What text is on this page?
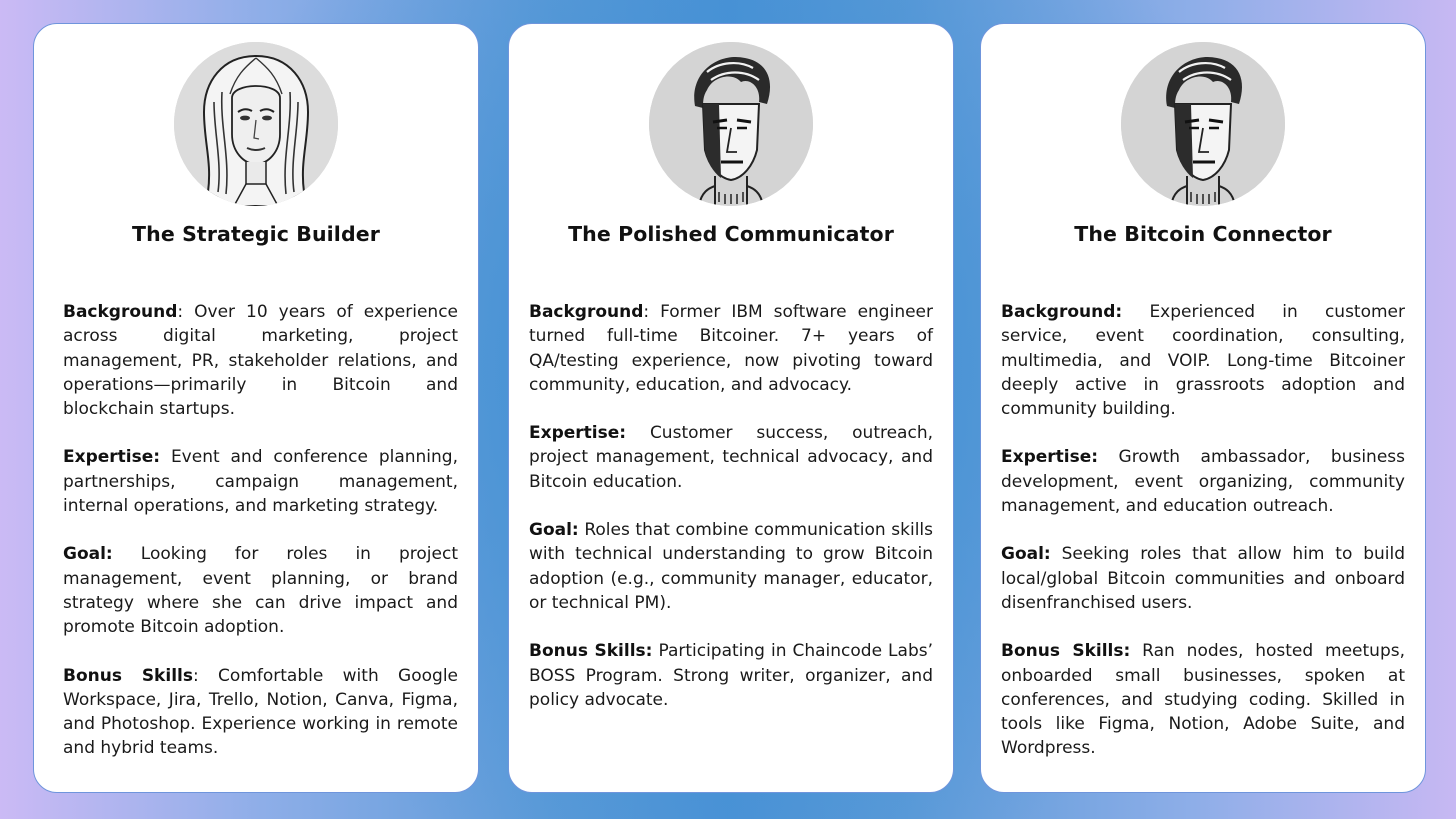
The Strategic Builder

Background: Over 10 years of experience across digital marketing, project management, PR, stakeholder relations, and operations—primarily in Bitcoin and blockchain startups.

Expertise: Event and conference planning, partnerships, campaign management, internal operations, and marketing strategy.

Goal: Looking for roles in project management, event planning, or brand strategy where she can drive impact and promote Bitcoin adoption.

Bonus Skills: Comfortable with Google Workspace, Jira, Trello, Notion, Canva, Figma, and Photoshop. Experience working in remote and hybrid teams.

The Polished Communicator

Background: Former IBM software engineer turned full-time Bitcoiner. 7+ years of QA/testing experience, now pivoting toward community, education, and advocacy.

Expertise: Customer success, outreach, project management, technical advocacy, and Bitcoin education.

Goal: Roles that combine communication skills with technical understanding to grow Bitcoin adoption (e.g., community manager, educator, or technical PM).

Bonus Skills: Participating in Chaincode Labs’ BOSS Program. Strong writer, organizer, and policy advocate.

The Bitcoin Connector

Background: Experienced in customer service, event coordination, consulting, multimedia, and VOIP. Long-time Bitcoiner deeply active in grassroots adoption and community building.

Expertise: Growth ambassador, business development, event organizing, community management, and education outreach.

Goal: Seeking roles that allow him to build local/global Bitcoin communities and onboard disenfranchised users.

Bonus Skills: Ran nodes, hosted meetups, onboarded small businesses, spoken at conferences, and studying coding. Skilled in tools like Figma, Notion, Adobe Suite, and Wordpress.
